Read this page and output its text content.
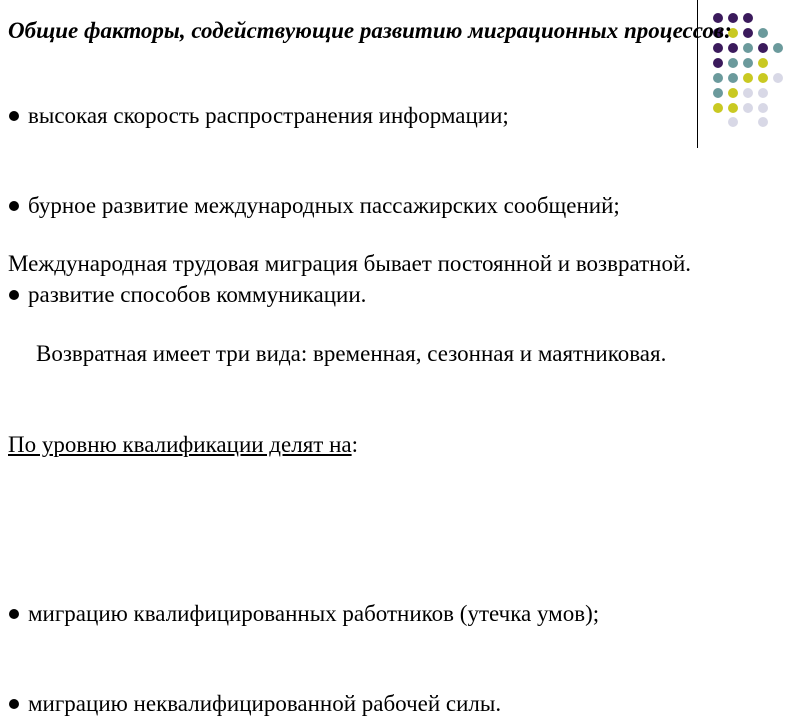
Общие факторы, содействующие развитию миграционных процессов:
высокая скорость распространения информации;
бурное развитие международных пассажирских сообщений;
развитие способов коммуникации.
Международная трудовая миграция бывает постоянной и возвратной.
Возвратная имеет три вида: временная, сезонная и маятниковая.
По уровню квалификации делят на:
миграцию квалифицированных работников (утечка умов);
миграцию неквалифицированной рабочей силы.
